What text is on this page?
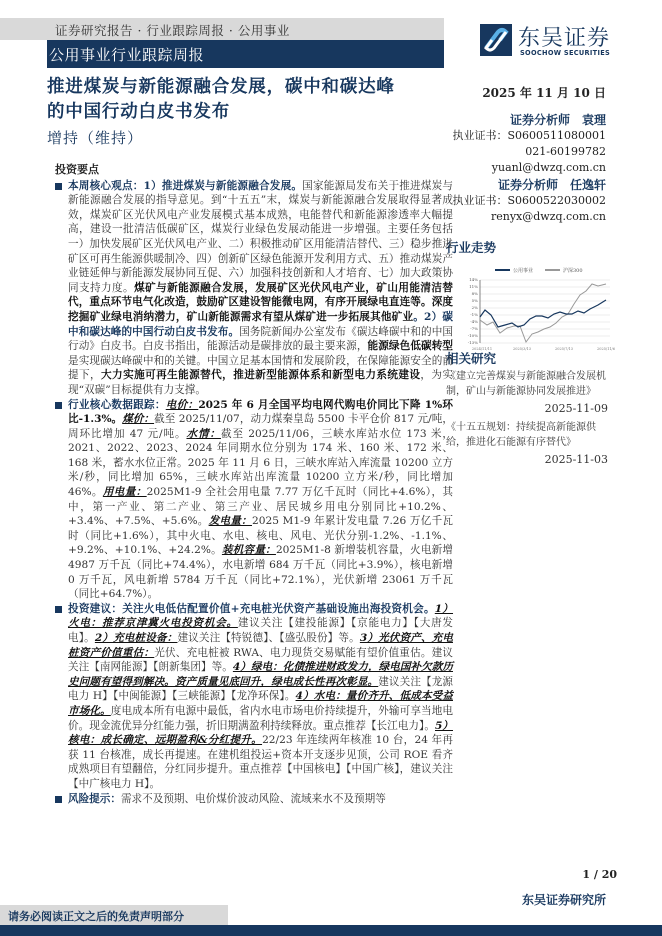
证券研究报告 · 行业跟踪周报 · 公用事业
公用事业行业跟踪周报
东吴证券
SOOCHOW SECURITIES
推进煤炭与新能源融合发展，碳中和碳达峰
的中国行动白皮书发布
增持（维持）
2025 年 11 月 10 日
证券分析师　袁理
执业证书：S0600511080001
021-60199782
yuanl@dwzq.com.cn
证券分析师　任逸轩
执业证书：S0600522030002
renyx@dwzq.com.cn
行业走势
公用事业	沪深300
14%
11%
8%
5%
2%
-1%
-4%
-7%
-10%
-13%
2024/11/11	2025/3/13	2025/7/13	2025/11/6
相关研究
《建立完善煤炭与新能源融合发展机制，矿山与新能源协同发展推进》
2025-11-09
《十五五规划：持续提高新能源供给，推进化石能源有序替代》
2025-11-03
投资要点
本周核心观点：1）推进煤炭与新能源融合发展。国家能源局发布关于推进煤炭与新能源融合发展的指导意见。到“十五五”末，煤炭与新能源融合发展取得显著成效，煤炭矿区光伏风电产业发展模式基本成熟，电能替代和新能源渗透率大幅提高，建设一批清洁低碳矿区，煤炭行业绿色发展动能进一步增强。主要任务包括一）加快发展矿区光伏风电产业、二）积极推动矿区用能清洁替代、三）稳步推进矿区可再生能源供暖制冷、四）创新矿区绿色能源开发利用方式、五）推动煤炭产业链延伸与新能源发展协同互促、六）加强科技创新和人才培育、七）加大政策协同支持力度。煤矿与新能源融合发展，发展矿区光伏风电产业，矿山用能清洁替代，重点环节电气化改造，鼓励矿区建设智能微电网，有序开展绿电直连等。深度挖掘矿业绿电消纳潜力，矿山新能源需求有望从煤矿进一步拓展其他矿业。2）碳中和碳达峰的中国行动白皮书发布。国务院新闻办公室发布《碳达峰碳中和的中国行动》白皮书。白皮书指出，能源活动是碳排放的最主要来源，能源绿色低碳转型是实现碳达峰碳中和的关键。中国立足基本国情和发展阶段，在保障能源安全的前提下，大力实施可再生能源替代，推进新型能源体系和新型电力系统建设，为实现“双碳”目标提供有力支撑。
行业核心数据跟踪：电价：2025 年 6 月全国平均电网代购电价同比下降 1%环比-1.3%。煤价：截至 2025/11/07，动力煤秦皇岛 5500 卡平仓价 817 元/吨，周环比增加 47 元/吨。水情：截至 2025/11/06，三峡水库站水位 173 米，2021、2022、2023、2024 年同期水位分别为 174 米、160 米、172 米、168 米，蓄水水位正常。2025 年 11 月 6 日，三峡水库站入库流量 10200 立方米/秒，同比增加 65%，三峡水库站出库流量 10200 立方米/秒，同比增加 46%。用电量：2025M1-9 全社会用电量 7.77 万亿千瓦时（同比+4.6%），其中，第一产业、第二产业、第三产业、居民城乡用电分别同比+10.2%、+3.4%、+7.5%、+5.6%。发电量：2025 M1-9 年累计发电量 7.26 万亿千瓦时（同比+1.6%），其中火电、水电、核电、风电、光伏分别-1.2%、-1.1%、+9.2%、+10.1%、+24.2%。装机容量：2025M1-8 新增装机容量，火电新增 4987 万千瓦（同比+74.4%），水电新增 684 万千瓦（同比+3.9%），核电新增 0 万千瓦，风电新增 5784 万千瓦（同比+72.1%），光伏新增 23061 万千瓦（同比+64.7%）。
投资建议：关注火电低估配置价值+充电桩光伏资产基础设施出海投资机会。1）火电：推荐京津冀火电投资机会。建议关注【建投能源】【京能电力】【大唐发电】。2）充电桩设备：建议关注【特锐德】、【盛弘股份】等。3）光伏资产、充电桩资产价值重估：光伏、充电桩被 RWA、电力现货交易赋能有望价值重估。建议关注【南网能源】【朗新集团】等。4）绿电：化债推进财政发力，绿电国补欠款历史问题有望得到解决。资产质量见底回升，绿电成长性再次彰显。建议关注【龙源电力 H】【中闽能源】【三峡能源】【龙净环保】。4）水电：量价齐升、低成本受益市场化。度电成本所有电源中最低，省内水电市场电价持续提升，外输可享当地电价。现金流优异分红能力强，折旧期满盈利持续释放。重点推荐【长江电力】。5）核电：成长确定、远期盈利&分红提升。22/23 年连续两年核准 10 台，24 年再获 11 台核准，成长再提速。在建机组投运+资本开支逐步见顶，公司 ROE 看齐成熟项目有望翻倍，分红同步提升。重点推荐【中国核电】【中国广核】，建议关注【中广核电力 H】。
风险提示：需求不及预期、电价煤价波动风险、流域来水不及预期等
1 / 20
东吴证券研究所
请务必阅读正文之后的免责声明部分
